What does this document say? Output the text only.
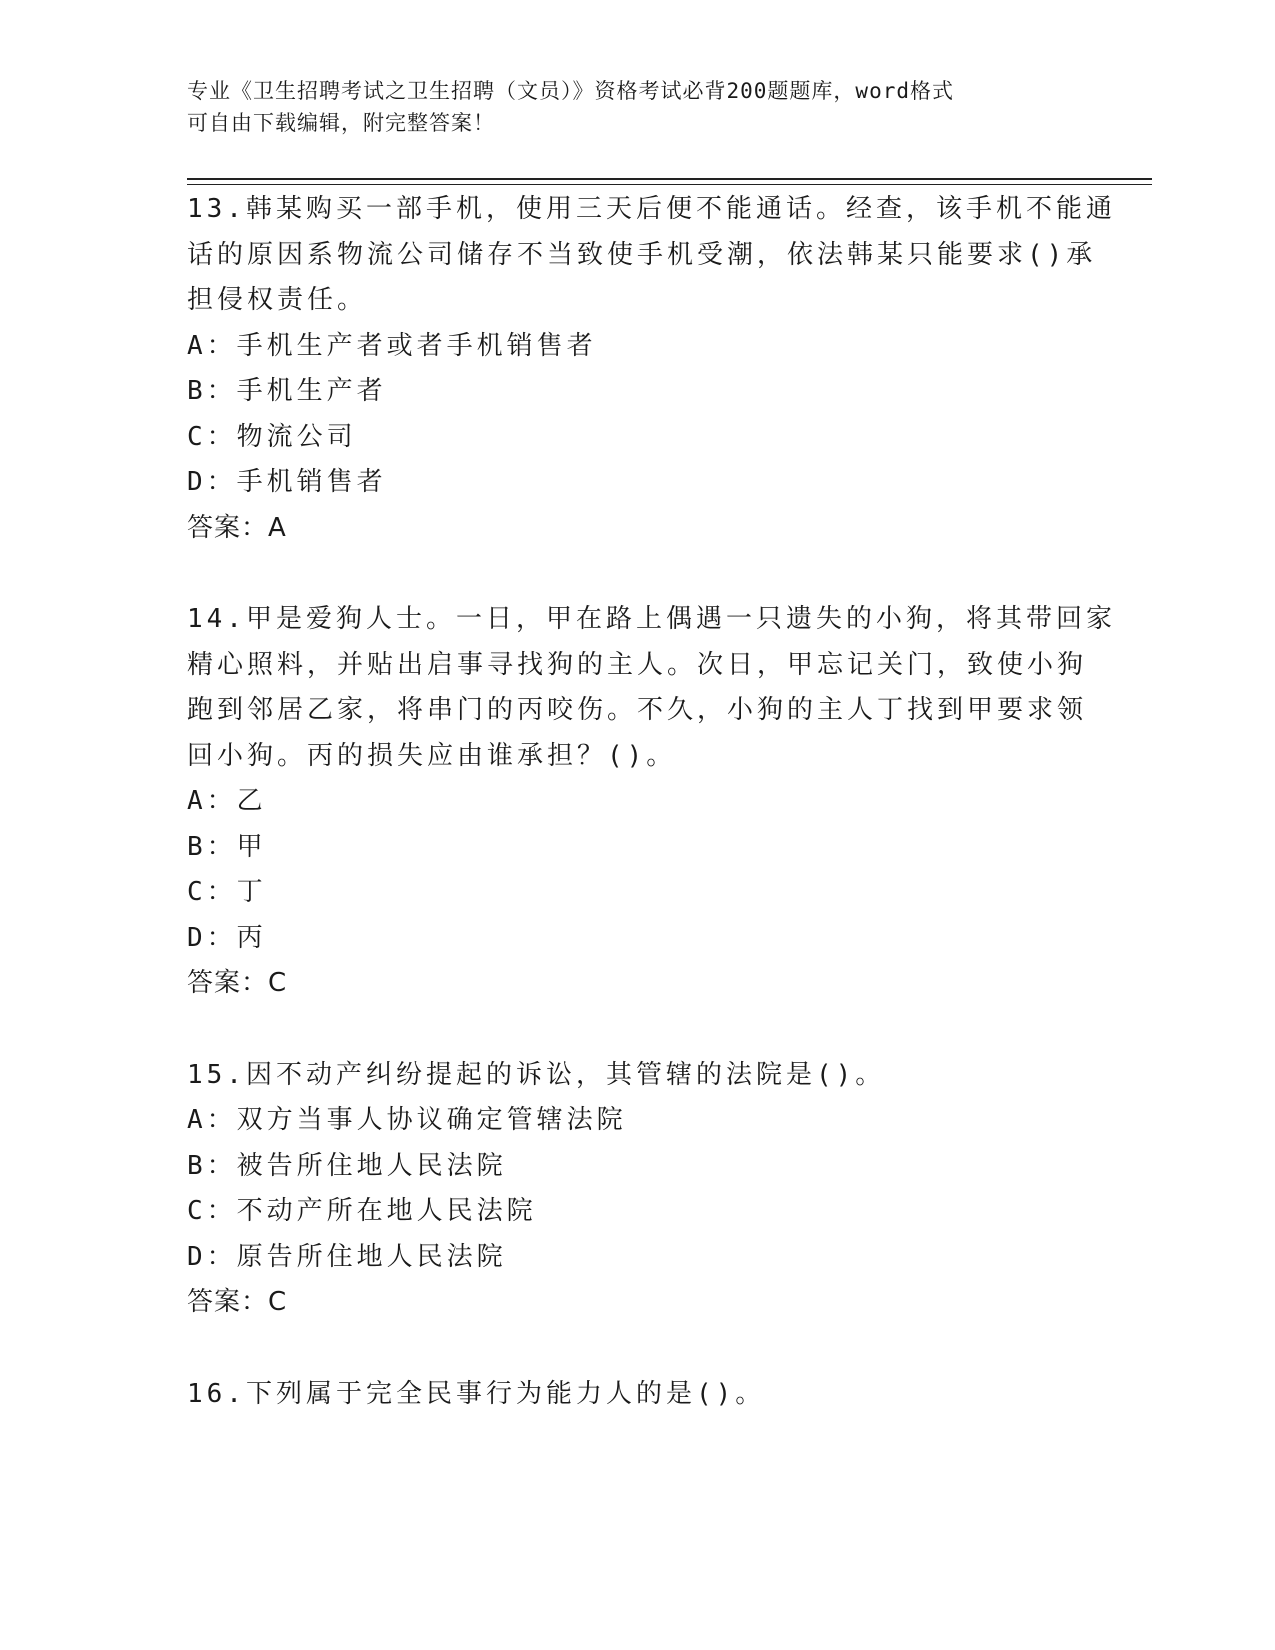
专业《卫生招聘考试之卫生招聘（文员）》资格考试必背200题题库，word格式
可自由下载编辑，附完整答案！
13.韩某购买一部手机，使用三天后便不能通话。经查，该手机不能通
话的原因系物流公司储存不当致使手机受潮，依法韩某只能要求()承
担侵权责任。
A：手机生产者或者手机销售者
B：手机生产者
C：物流公司
D：手机销售者
答案：A
14.甲是爱狗人士。一日，甲在路上偶遇一只遗失的小狗，将其带回家
精心照料，并贴出启事寻找狗的主人。次日，甲忘记关门，致使小狗
跑到邻居乙家，将串门的丙咬伤。不久，小狗的主人丁找到甲要求领
回小狗。丙的损失应由谁承担？()。
A：乙
B：甲
C：丁
D：丙
答案：C
15.因不动产纠纷提起的诉讼，其管辖的法院是()。
A：双方当事人协议确定管辖法院
B：被告所住地人民法院
C：不动产所在地人民法院
D：原告所住地人民法院
答案：C
16.下列属于完全民事行为能力人的是()。
